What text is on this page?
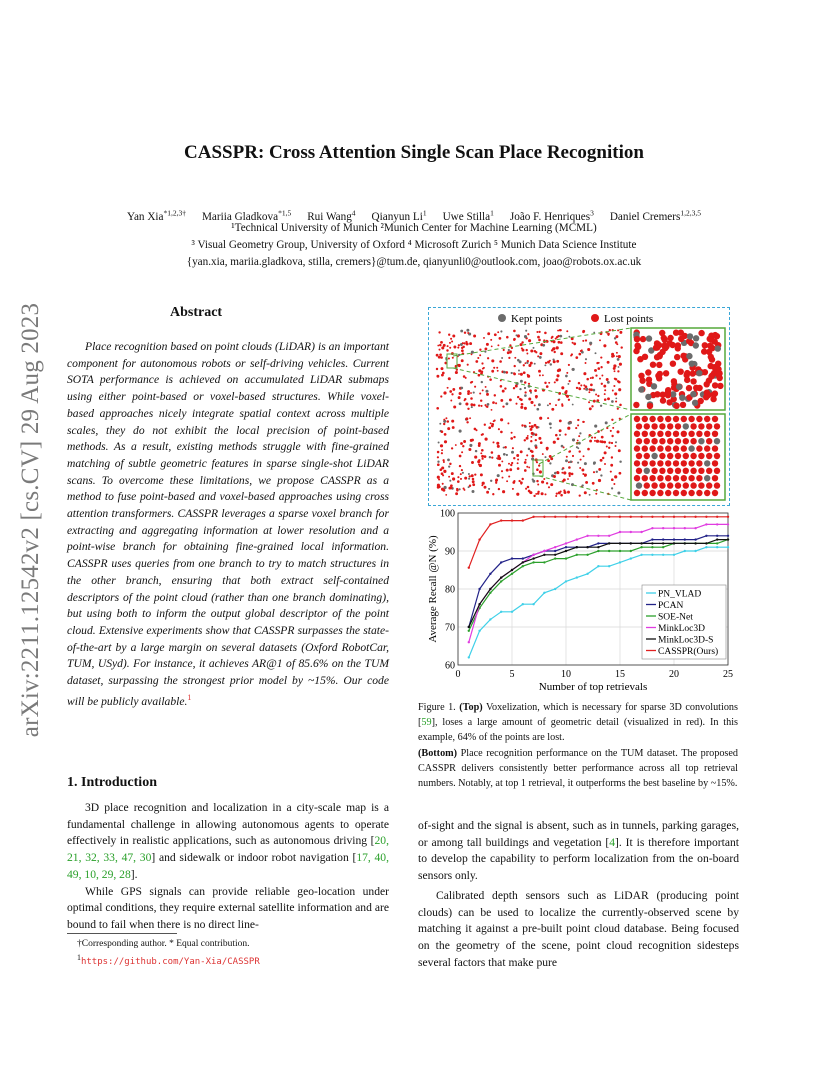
arXiv:2211.12542v2 [cs.CV] 29 Aug 2023
CASSPR: Cross Attention Single Scan Place Recognition
Yan Xia$^{*1,2,3\dagger}$ Mariia Gladkova$^{*1,5}$ Rui Wang$^4$ Qianyun Li$^1$ Uwe Stilla$^1$ João F. Henriques$^3$ Daniel Cremers$^{1,2,3,5}$
¹Technical University of Munich ²Munich Center for Machine Learning (MCML)
³ Visual Geometry Group, University of Oxford ⁴ Microsoft Zurich ⁵ Munich Data Science Institute
{yan.xia, mariia.gladkova, stilla, cremers}@tum.de, qianyunli0@outlook.com, joao@robots.ox.ac.uk
Abstract

Place recognition based on point clouds (LiDAR) is an important component for autonomous robots or self-driving vehicles. Current SOTA performance is achieved on accumulated LiDAR submaps using either point-based or voxel-based structures. While voxel-based approaches nicely integrate spatial context across multiple scales, they do not exhibit the local precision of point-based methods. As a result, existing methods struggle with fine-grained matching of subtle geometric features in sparse single-shot LiDAR scans. To overcome these limitations, we propose CASSPR as a method to fuse point-based and voxel-based approaches using cross attention transformers. CASSPR leverages a sparse voxel branch for extracting and aggregating information at lower resolution and a point-wise branch for obtaining fine-grained local information. CASSPR uses queries from one branch to try to match structures in the other branch, ensuring that both extract self-contained descriptors of the point cloud (rather than one branch dominating), but using both to inform the output global descriptor of the point cloud. Extensive experiments show that CASSPR surpasses the state-of-the-art by a large margin on several datasets (Oxford RobotCar, TUM, USyd). For instance, it achieves AR@1 of 85.6% on the TUM dataset, surpassing the strongest prior model by ~15%. Our code will be publicly available.$^1$

1. Introduction

3D place recognition and localization in a city-scale map is a fundamental challenge in allowing autonomous agents to operate effectively in realistic applications, such as autonomous driving [20, 21, 32, 33, 47, 30] and sidewalk or indoor robot navigation [17, 40, 49, 10, 29, 28].

While GPS signals can provide reliable geo-location under optimal conditions, they require external satellite information and are bound to fail when there is no direct line-

†Corresponding author. * Equal contribution.
$^1$https://github.com/Yan-Xia/CASSPR
Kept points	Lost points
60
70
80
90
100
0	5	10	15	20	25
Number of top retrievals
Average Recall @N (%)	PN_VLAD
PCAN
SOE-Net
MinkLoc3D
MinkLoc3D-S
CASSPR(Ours)

Figure 1. (Top) Voxelization, which is necessary for sparse 3D convolutions [59], loses a large amount of geometric detail (visualized in red). In this example, 64% of the points are lost.

(Bottom) Place recognition performance on the TUM dataset. The proposed CASSPR delivers consistently better performance across all top retrieval numbers. Notably, at top 1 retrieval, it outperforms the best baseline by ~15%.

of-sight and the signal is absent, such as in tunnels, parking garages, or among tall buildings and vegetation [4]. It is therefore important to develop the capability to perform localization from the on-board sensors only.

Calibrated depth sensors such as LiDAR (producing point clouds) can be used to localize the currently-observed scene by matching it against a pre-built point cloud database. Being focused on the geometry of the scene, point cloud recognition sidesteps several factors that make pure
